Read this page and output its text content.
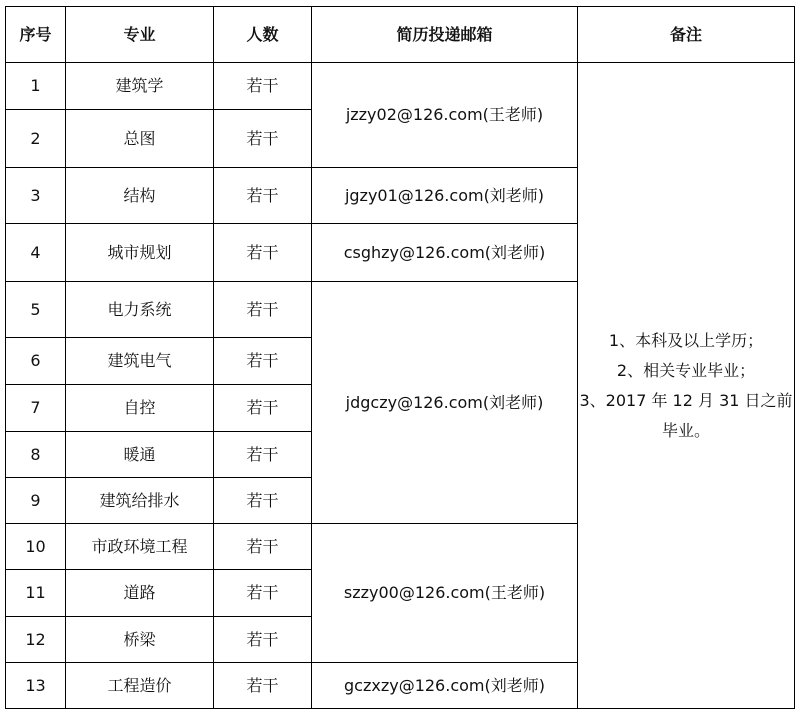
序号	专业	人数	简历投递邮箱	备注
1	建筑学	若干	jzzy02@126.com(王老师)	1、本科及以上学历；
2、相关专业毕业；
3、2017 年 12 月 31 日之前
毕业。

2	总图	若干		
3	结构	若干	jgzy01@126.com(刘老师)	
4	城市规划	若干	csghzy@126.com(刘老师)	
5	电力系统	若干	jdgczy@126.com(刘老师)	
6	建筑电气	若干		
7	自控	若干		
8	暖通	若干		
9	建筑给排水	若干		
10	市政环境工程	若干	szzy00@126.com(王老师)	
11	道路	若干		
12	桥梁	若干		
13	工程造价	若干	gczxzy@126.com(刘老师)	
